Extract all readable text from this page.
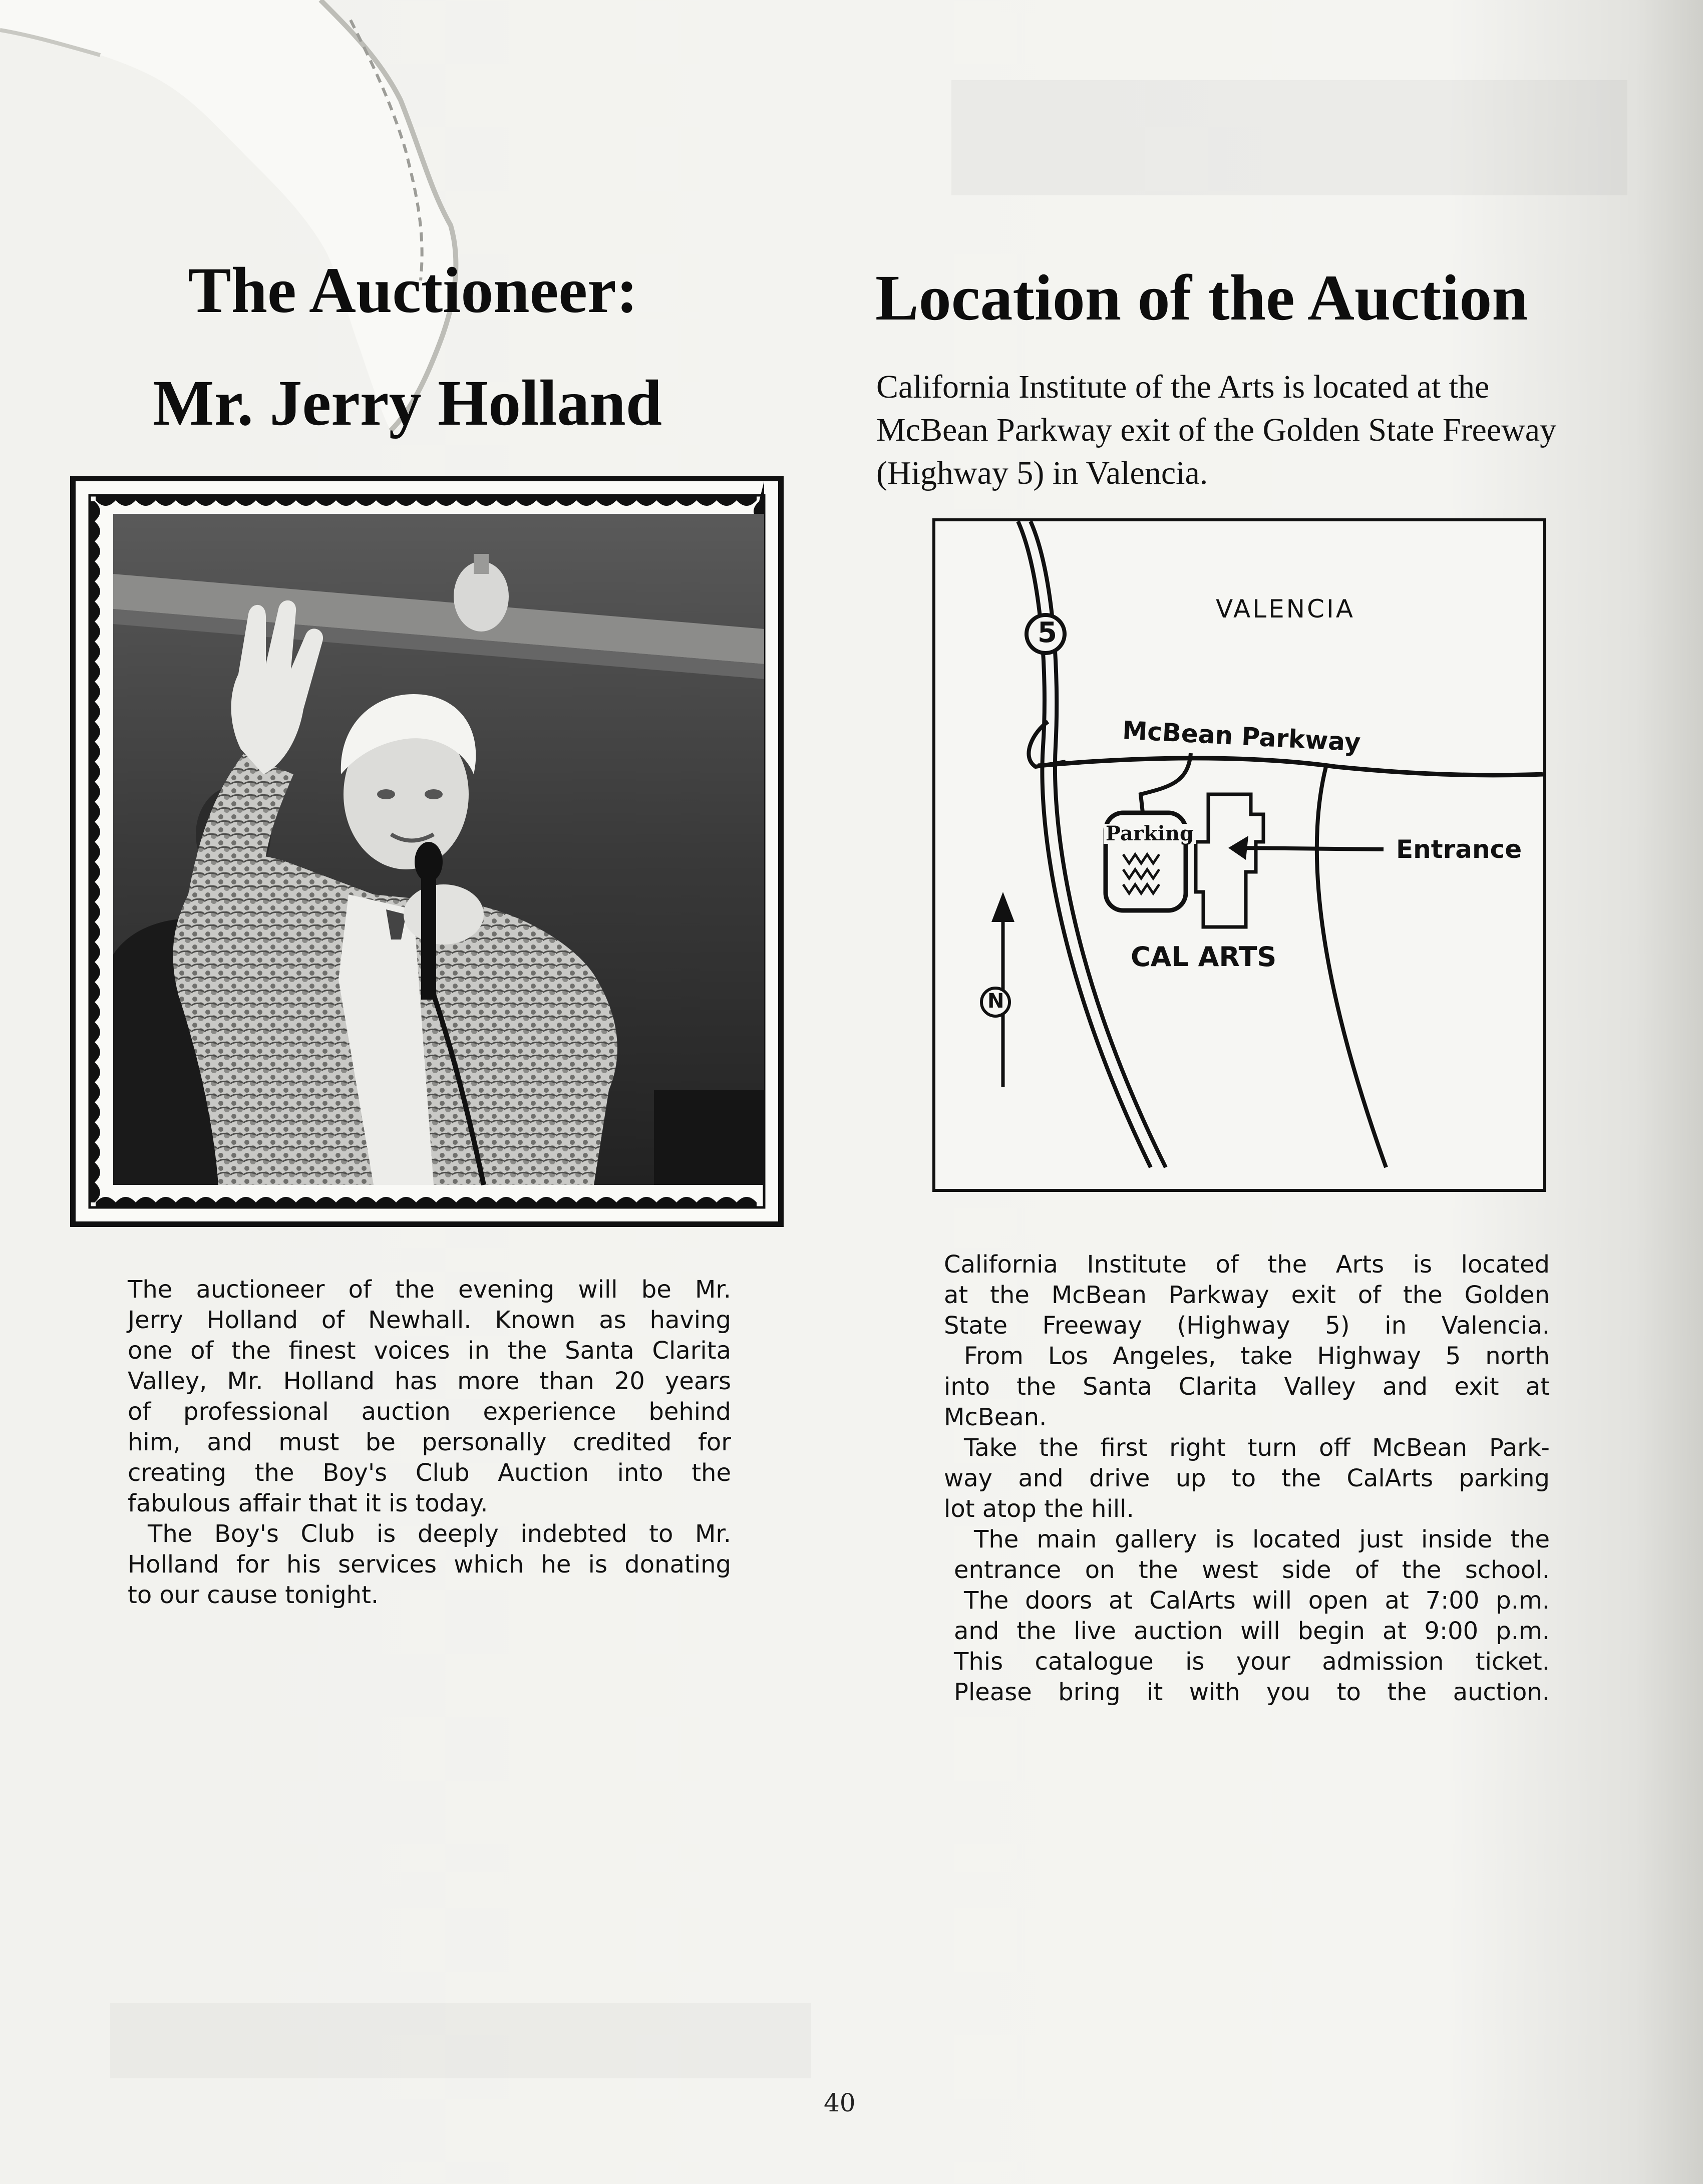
The Auctioneer:
Mr. Jerry Holland
Location of the Auction
California Institute of the Arts is located at the
McBean Parkway exit of the Golden State Freeway
(Highway 5) in Valencia.
The auctioneer of the evening will be Mr.
Jerry Holland of Newhall. Known as having
one of the finest voices in the Santa Clarita
Valley, Mr. Holland has more than 20 years
of professional auction experience behind
him, and must be personally credited for
creating the Boy's Club Auction into the
fabulous affair that it is today.
The Boy's Club is deeply indebted to Mr.
Holland for his services which he is donating
to our cause tonight.
VALENCIA
5
McBean Parkway
Parking
Entrance
CAL ARTS
N
California Institute of the Arts is located
at the McBean Parkway exit of the Golden
State Freeway (Highway 5) in Valencia.
From Los Angeles, take Highway 5 north
into the Santa Clarita Valley and exit at
McBean.
Take the first right turn off McBean Park-
way and drive up to the CalArts parking
lot atop the hill.
The main gallery is located just inside the
entrance on the west side of the school.
The doors at CalArts will open at 7:00 p.m.
and the live auction will begin at 9:00 p.m.
This catalogue is your admission ticket.
Please bring it with you to the auction.
40
